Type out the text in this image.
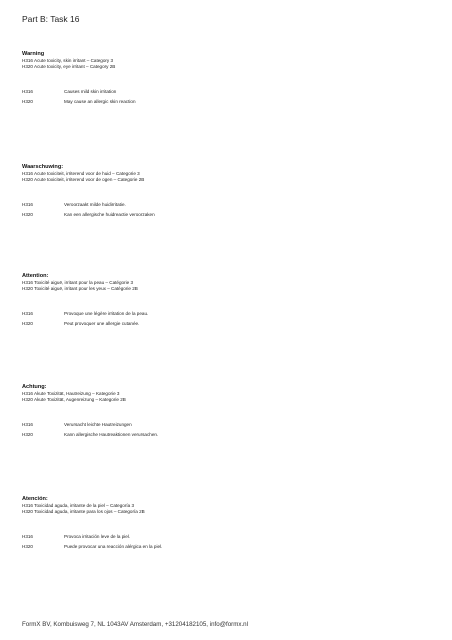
Part B: Task 16
Warning
H316 Acute toxicity, skin irritant – Category 3
H320 Acute toxicity, eye irritant – Category 2B
H316	Causes mild skin irritation
H320	May cause an allergic skin reaction
Waarschuwing:
H316 Acute toxiciteit, irriterend voor de huid – Categorie 3
H320 Acute toxiciteit, irriterend voor de ogen – Categorie 2B
H316	Veroorzaakt milde huidirritatie.
H320	Kan een allergische huidreactie veroorzaken
Attention:
H316 Toxicité aiguë, irritant pour la peau – Catégorie 3
H320 Toxicité aiguë, irritant pour les yeux – Catégorie 2B
H316	Provoque une légère irritation de la peau.
H320	Peut provoquer une allergie cutanée.
Achtung:
H316 Akute Toxizität, Hautreizung – Kategorie 3
H320 Akute Toxizität, Augenreizung – Kategorie 2B
H316	Verursacht leichte Hautreizungen
H320	Kann allergische Hautreaktionen verursachen.
Atención:
H316 Toxicidad aguda, irritante de la piel – Categoría 3
H320 Toxicidad aguda, irritante para los ojos – Categoría 2B
H316	Provoca irritación leve de la piel.
H320	Puede provocar una reacción alérgica en la piel.
FormX BV, Kombuisweg 7, NL 1043AV Amsterdam, +31204182105, info@formx.nl
